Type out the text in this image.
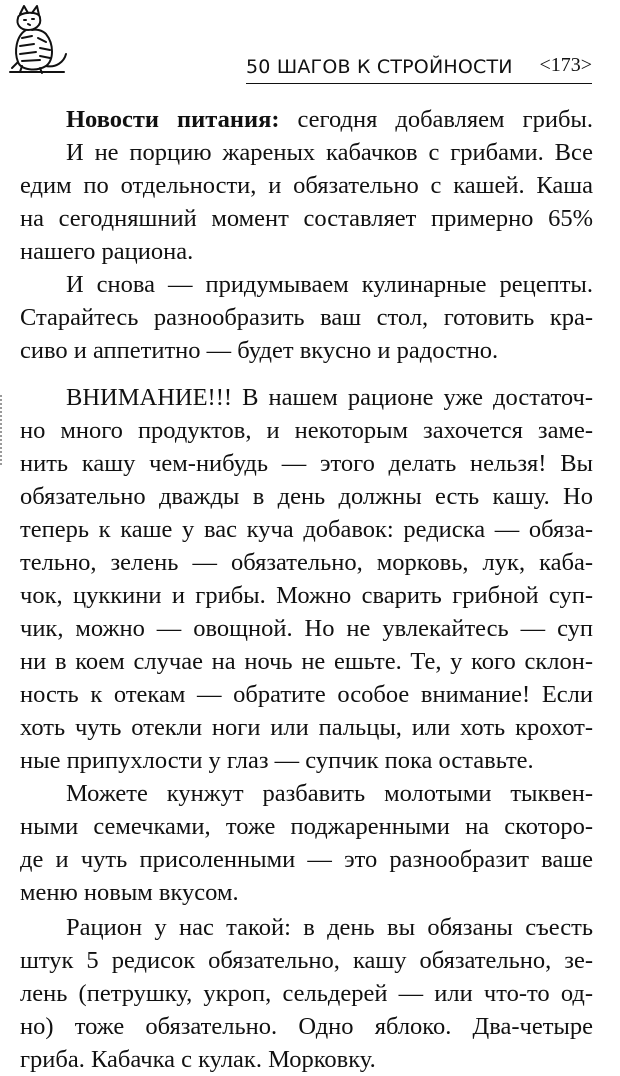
50 ШАГОВ К СТРОЙНОСТИ <173>
Новости питания: сегодня добавляем грибы.
И не порцию жареных кабачков с грибами. Все
едим по отдельности, и обязательно с кашей. Каша
на сегодняшний момент составляет примерно 65%
нашего рациона.
И снова — придумываем кулинарные рецепты.
Старайтесь разнообразить ваш стол, готовить кра-
сиво и аппетитно — будет вкусно и радостно.
ВНИМАНИЕ!!! В нашем рационе уже достаточ-
но много продуктов, и некоторым захочется заме-
нить кашу чем-нибудь — этого делать нельзя! Вы
обязательно дважды в день должны есть кашу. Но
теперь к каше у вас куча добавок: редиска — обяза-
тельно, зелень — обязательно, морковь, лук, каба-
чок, цуккини и грибы. Можно сварить грибной суп-
чик, можно — овощной. Но не увлекайтесь — суп
ни в коем случае на ночь не ешьте. Те, у кого склон-
ность к отекам — обратите особое внимание! Если
хоть чуть отекли ноги или пальцы, или хоть крохот-
ные припухлости у глаз — супчик пока оставьте.
Можете кунжут разбавить молотыми тыквен-
ными семечками, тоже поджаренными на скоторо-
де и чуть присоленными — это разнообразит ваше
меню новым вкусом.
Рацион у нас такой: в день вы обязаны съесть
штук 5 редисок обязательно, кашу обязательно, зе-
лень (петрушку, укроп, сельдерей — или что-то од-
но) тоже обязательно. Одно яблоко. Два-четыре
гриба. Кабачка с кулак. Морковку.
